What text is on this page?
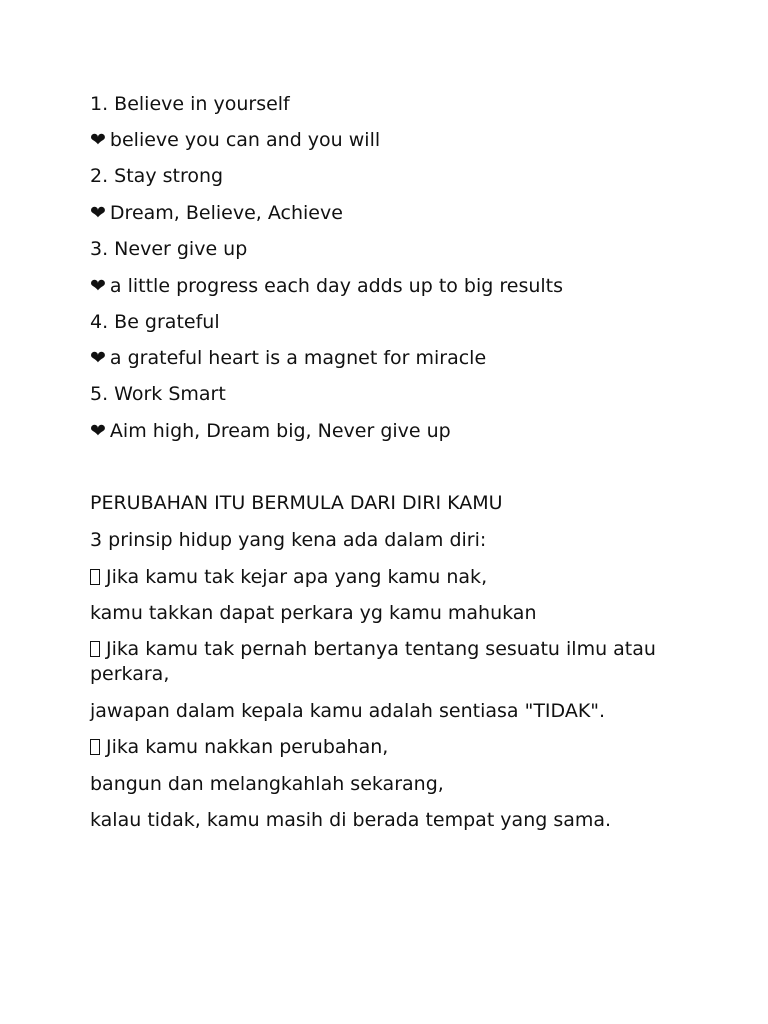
1. Believe in yourself
❤ believe you can and you will
2. Stay strong
❤ Dream, Believe, Achieve
3. Never give up
❤ a little progress each day adds up to big results
4. Be grateful
❤ a grateful heart is a magnet for miracle
5. Work Smart
❤ Aim high, Dream big, Never give up
PERUBAHAN ITU BERMULA DARI DIRI KAMU
3 prinsip hidup yang kena ada dalam diri:
Jika kamu tak kejar apa yang kamu nak,
kamu takkan dapat perkara yg kamu mahukan
Jika kamu tak pernah bertanya tentang sesuatu ilmu atau perkara,
jawapan dalam kepala kamu adalah sentiasa "TIDAK".
Jika kamu nakkan perubahan,
bangun dan melangkahlah sekarang,
kalau tidak, kamu masih di berada tempat yang sama.
